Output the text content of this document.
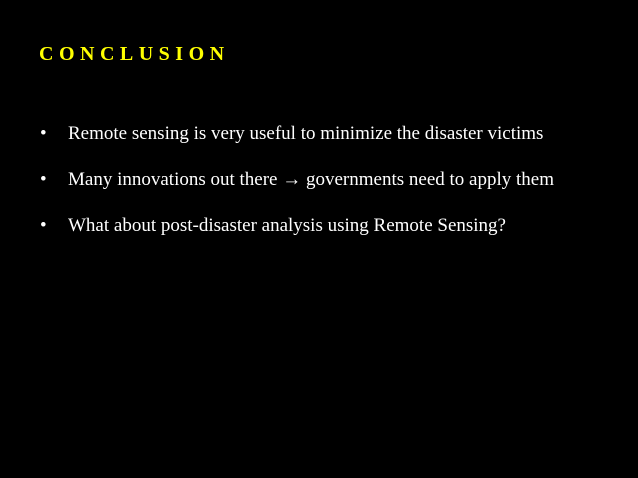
CONCLUSION
•	Remote sensing is very useful to minimize the disaster victims
•	Many innovations out there → governments need to apply them
•	What about post-disaster analysis using Remote Sensing?
